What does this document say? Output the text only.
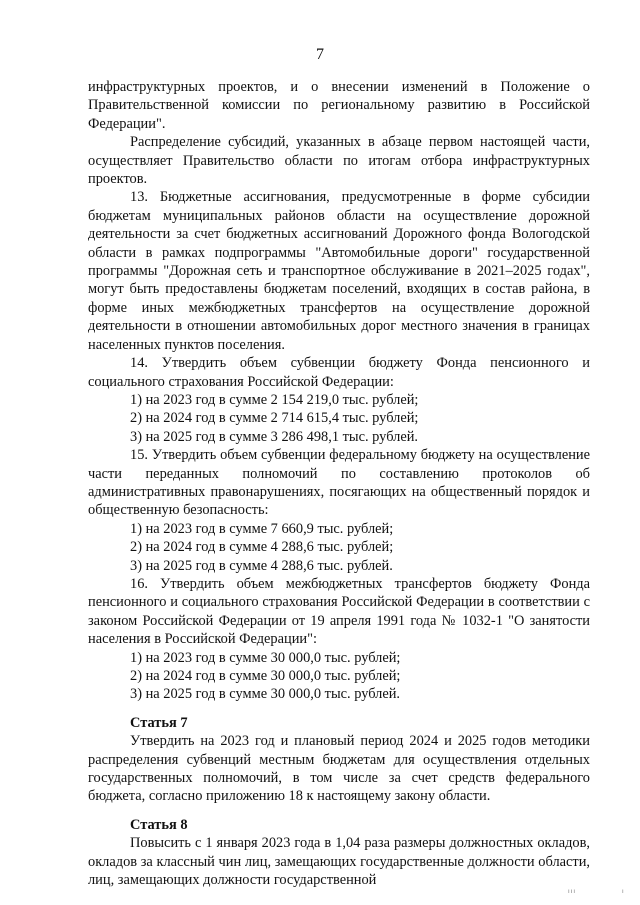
7

инфраструктурных проектов, и о внесении изменений в Положение о Правительственной комиссии по региональному развитию в Российской Федерации".

Распределение субсидий, указанных в абзаце первом настоящей части, осуществляет Правительство области по итогам отбора инфраструктурных проектов.

13. Бюджетные ассигнования, предусмотренные в форме субсидии бюджетам муниципальных районов области на осуществление дорожной деятельности за счет бюджетных ассигнований Дорожного фонда Вологодской области в рамках подпрограммы "Автомобильные дороги" государственной программы "Дорожная сеть и транспортное обслуживание в 2021–2025 годах", могут быть предоставлены бюджетам поселений, входящих в состав района, в форме иных межбюджетных трансфертов на осуществление дорожной деятельности в отношении автомобильных дорог местного значения в границах населенных пунктов поселения.

14. Утвердить объем субвенции бюджету Фонда пенсионного и социального страхования Российской Федерации:

1) на 2023 год в сумме 2 154 219,0 тыс. рублей;

2) на 2024 год в сумме 2 714 615,4 тыс. рублей;

3) на 2025 год в сумме 3 286 498,1 тыс. рублей.

15. Утвердить объем субвенции федеральному бюджету на осуществление части переданных полномочий по составлению протоколов об административных правонарушениях, посягающих на общественный порядок и общественную безопасность:

1) на 2023 год в сумме 7 660,9 тыс. рублей;

2) на 2024 год в сумме 4 288,6 тыс. рублей;

3) на 2025 год в сумме 4 288,6 тыс. рублей.

16. Утвердить объем межбюджетных трансфертов бюджету Фонда пенсионного и социального страхования Российской Федерации в соответствии с законом Российской Федерации от 19 апреля 1991 года № 1032-1 "О занятости населения в Российской Федерации":

1) на 2023 год в сумме 30 000,0 тыс. рублей;

2) на 2024 год в сумме 30 000,0 тыс. рублей;

3) на 2025 год в сумме 30 000,0 тыс. рублей.

Статья 7

Утвердить на 2023 год и плановый период 2024 и 2025 годов методики распределения субвенций местным бюджетам для осуществления отдельных государственных полномочий, в том числе за счет средств федерального бюджета, согласно приложению 18 к настоящему закону области.

Статья 8

Повысить с 1 января 2023 года в 1,04 раза размеры должностных окладов, окладов за классный чин лиц, замещающих государственные должности области, лиц, замещающих должности государственной

ııı	ı
